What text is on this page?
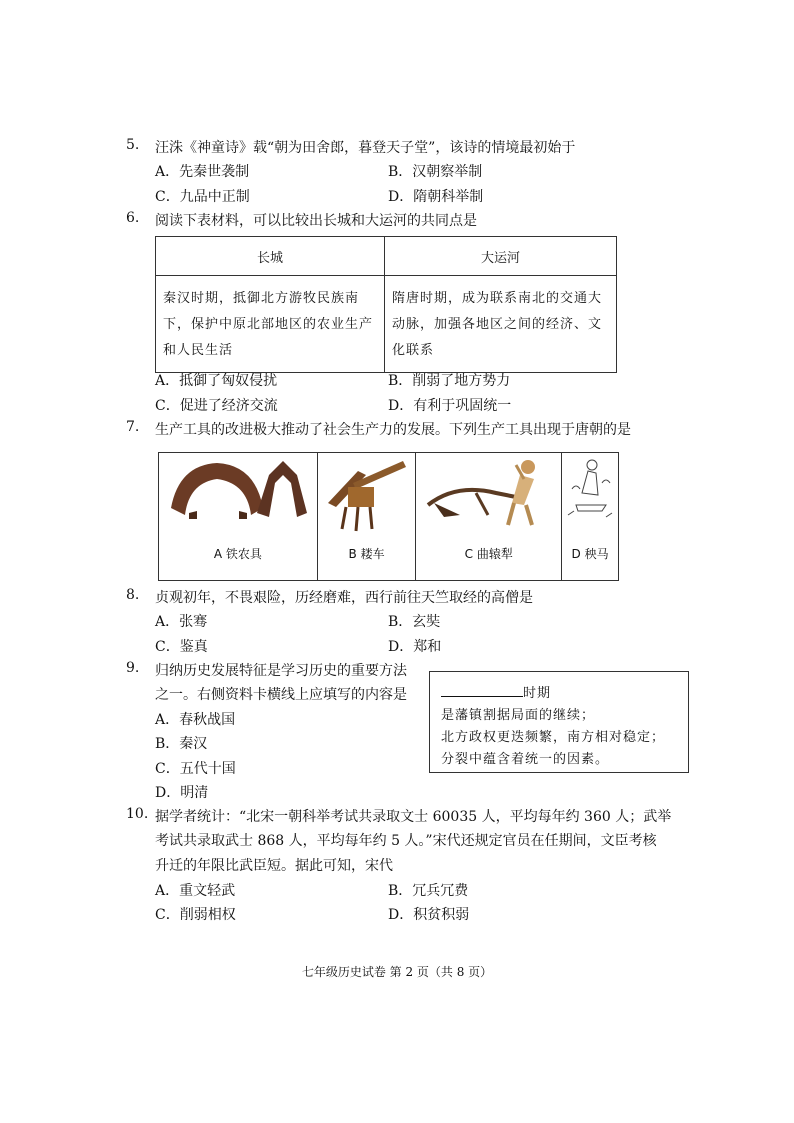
5. 汪洙《神童诗》载“朝为田舍郎，暮登天子堂”，该诗的情境最初始于
A．先秦世袭制	B．汉朝察举制
C．九品中正制	D．隋朝科举制
6. 阅读下表材料，可以比较出长城和大运河的共同点是
长城	大运河
秦汉时期，抵御北方游牧民族南下，保护中原北部地区的农业生产和人民生活	隋唐时期，成为联系南北的交通大动脉，加强各地区之间的经济、文化联系
A．抵御了匈奴侵扰	B．削弱了地方势力
C．促进了经济交流	D．有利于巩固统一
7. 生产工具的改进极大推动了社会生产力的发展。下列生产工具出现于唐朝的是
A 铁农具	B 耧车	C 曲辕犁	D 秧马
8. 贞观初年，不畏艰险，历经磨难，西行前往天竺取经的高僧是
A．张骞	B．玄奘
C．鉴真	D．郑和
9. 归纳历史发展特征是学习历史的重要方法
之一。右侧资料卡横线上应填写的内容是
A．春秋战国
B．秦汉
C．五代十国
D．明清
时期
是藩镇割据局面的继续；
北方政权更迭频繁，南方相对稳定；
分裂中蕴含着统一的因素。
10. 据学者统计：“北宋一朝科举考试共录取文士 60035 人，平均每年约 360 人；武举
考试共录取武士 868 人，平均每年约 5 人。”宋代还规定官员在任期间，文臣考核
升迁的年限比武臣短。据此可知，宋代
A．重文轻武	B．冗兵冗费
C．削弱相权	D．积贫积弱
七年级历史试卷 第 2 页（共 8 页）
